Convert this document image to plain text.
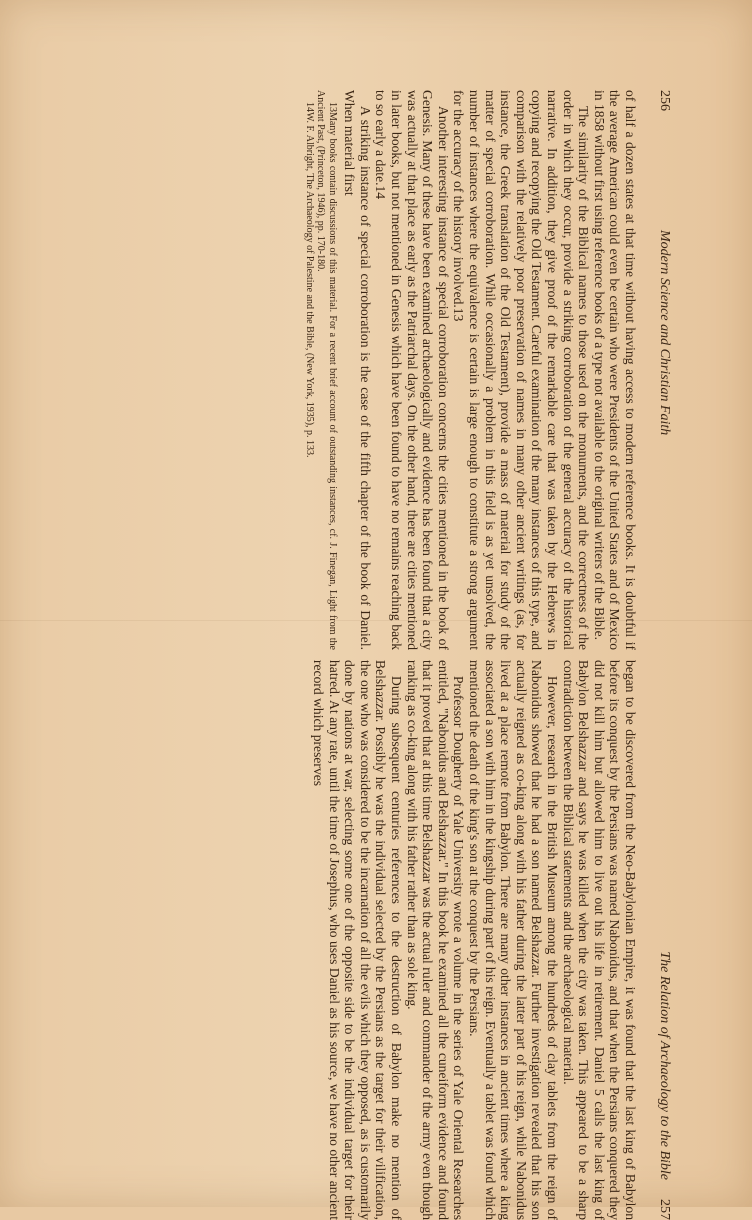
256
Modern Science and Christian Faith

of half a dozen states at that time without having access to modern reference books. It is doubtful if the average American could even be certain who were Presidents of the United States and of Mexico in 1858 without first using reference books of a type not available to the original writers of the Bible.

The similarity of the Biblical names to those used on the monuments, and the correctness of the order in which they occur, provide a striking corroboration of the general accuracy of the historical narrative. In addition, they give proof of the remarkable care that was taken by the Hebrews in copying and recopying the Old Testament. Careful examination of the many instances of this type, and comparison with the relatively poor preservation of names in many other ancient writings (as, for instance, the Greek translation of the Old Testament), provide a mass of material for study of the matter of special corroboration. While occasionally a problem in this field is as yet unsolved, the number of instances where the equivalence is certain is large enough to constitute a strong argument for the accuracy of the history involved.13

Another interesting instance of special corroboration concerns the cities mentioned in the book of Genesis. Many of these have been examined archaeologically and evidence has been found that a city was actually at that place as early as the Patriarchal days. On the other hand, there are cities mentioned in later books, but not mentioned in Genesis which have been found to have no remains reaching back to so early a date.14

A striking instance of special corroboration is the case of the fifth chapter of the book of Daniel. When material first

13Many books contain discussions of this material. For a recent brief account of outstanding instances, cf. J. Finegan, Light from the Ancient Past, (Princeton, 1946), pp. 170-180.

14W. F. Albright, The Archaeology of Palestine and the Bible, (New York, 1935), p. 133.

The Relation of Archaeology to the Bible
257

began to be discovered from the Neo-Babylonian Empire, it was found that the last king of Babylon before its conquest by the Persians was named Nabonidus, and that when the Persians conquered they did not kill him but allowed him to live out his life in retirement. Daniel 5 calls the last king of Babylon Belshazzar and says he was killed when the city was taken. This appeared to be a sharp contradiction between the Biblical statements and the archaeological material.

However, research in the British Museum among the hundreds of clay tablets from the reign of Nabonidus showed that he had a son named Belshazzar. Further investigation revealed that his son actually reigned as co-king along with his father during the latter part of his reign, while Nabonidus lived at a place remote from Babylon. There are many other instances in ancient times where a king associated a son with him in the kingship during part of his reign. Eventually a tablet was found which mentioned the death of the king's son at the conquest by the Persians.

Professor Dougherty of Yale University wrote a volume in the series of Yale Oriental Researches entitled, "Nabonidus and Belshazzar." In this book he examined all the cuneiform evidence and found that it proved that at this time Belshazzar was the actual ruler and commander of the army even though ranking as co-king along with his father rather than as sole king.

During subsequent centuries references to the destruction of Babylon make no mention of Belshazzar. Possibly he was the individual selected by the Persians as the target for their vilification, the one who was considered to be the incarnation of all the evils which they opposed, as is customarily done by nations at war, selecting some one of the opposite side to be the individual target for their hatred. At any rate, until the time of Josephus, who uses Daniel as his source, we have no other ancient record which preserves
